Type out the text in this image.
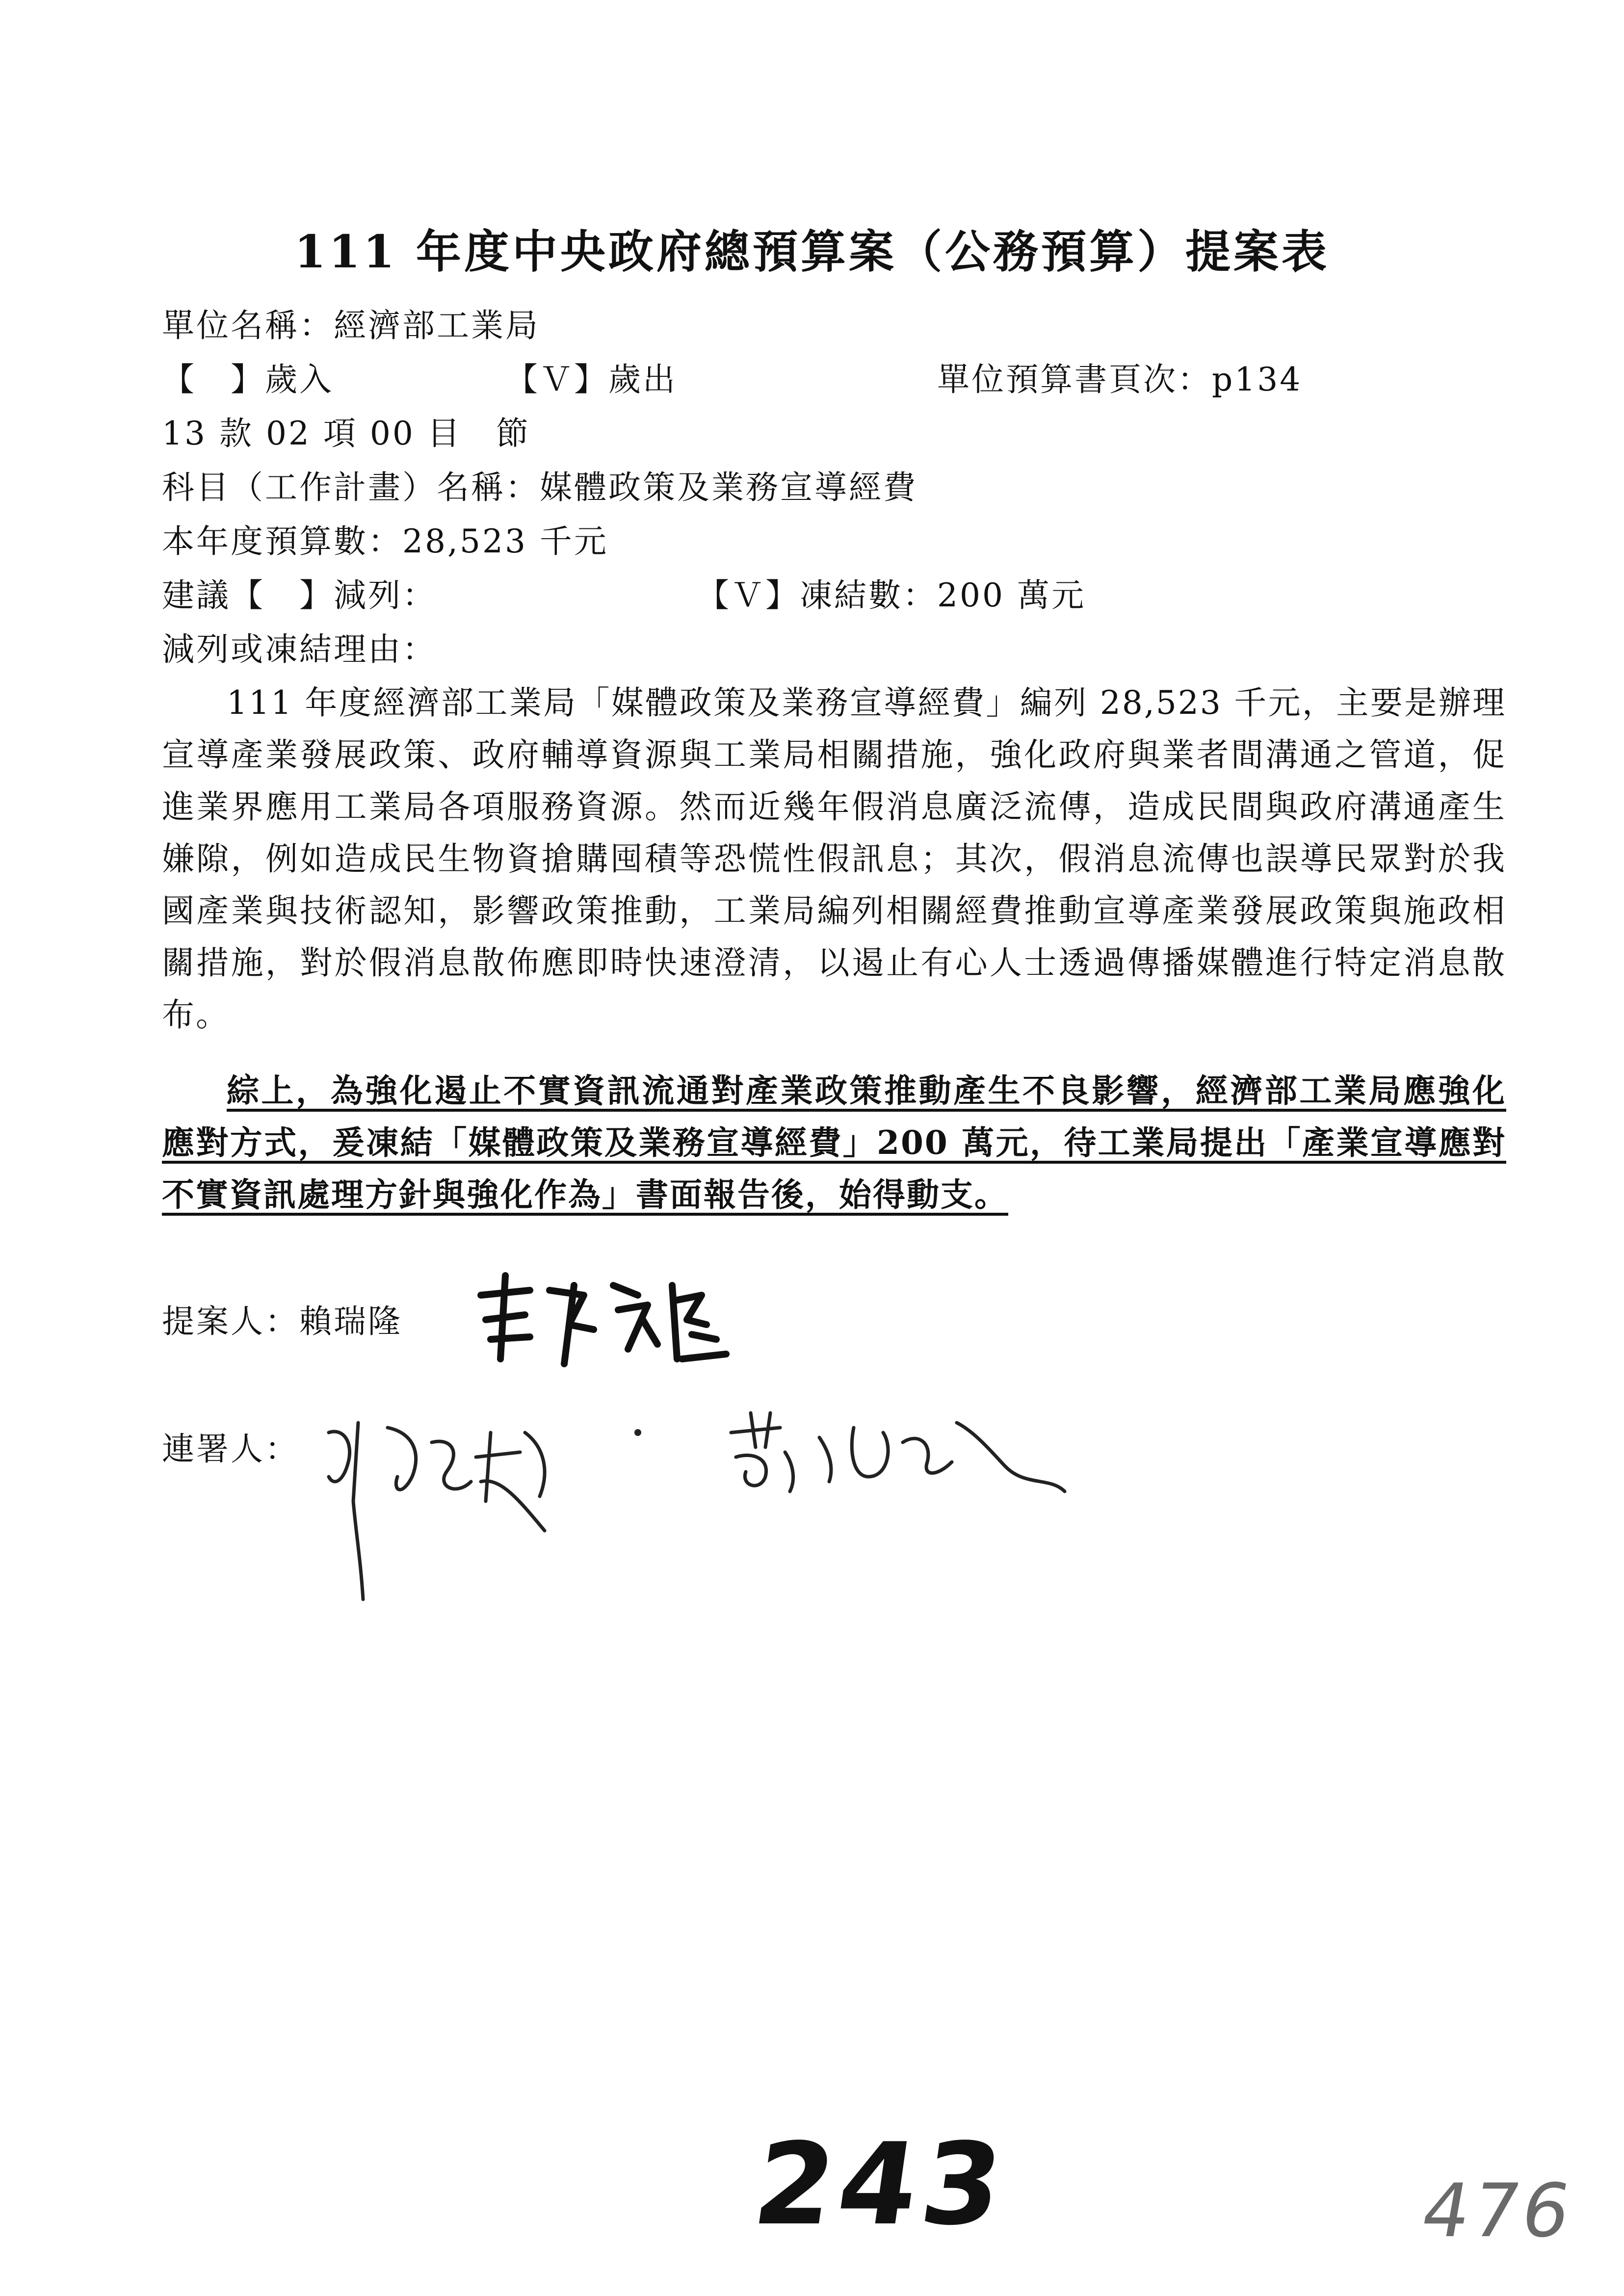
111 年度中央政府總預算案（公務預算）提案表
單位名稱：經濟部工業局
【　】歲入	【Ｖ】歲出	單位預算書頁次：p134
13 款 02 項 00 目　節
科目（工作計畫）名稱：媒體政策及業務宣導經費
本年度預算數：28,523 千元
建議【　】減列：	【Ｖ】凍結數：200 萬元
減列或凍結理由：
111 年度經濟部工業局「媒體政策及業務宣導經費」編列 28,523 千元，主要是辦理宣導產業發展政策、政府輔導資源與工業局相關措施，強化政府與業者間溝通之管道，促進業界應用工業局各項服務資源。然而近幾年假消息廣泛流傳，造成民間與政府溝通產生嫌隙，例如造成民生物資搶購囤積等恐慌性假訊息；其次，假消息流傳也誤導民眾對於我國產業與技術認知，影響政策推動，工業局編列相關經費推動宣導產業發展政策與施政相關措施，對於假消息散佈應即時快速澄清，以遏止有心人士透過傳播媒體進行特定消息散布。
綜上，為強化遏止不實資訊流通對產業政策推動產生不良影響，經濟部工業局應強化應對方式，爰凍結「媒體政策及業務宣導經費」200 萬元，待工業局提出「產業宣導應對不實資訊處理方針與強化作為」書面報告後，始得動支。
提案人：賴瑞隆
連署人：
243	476
